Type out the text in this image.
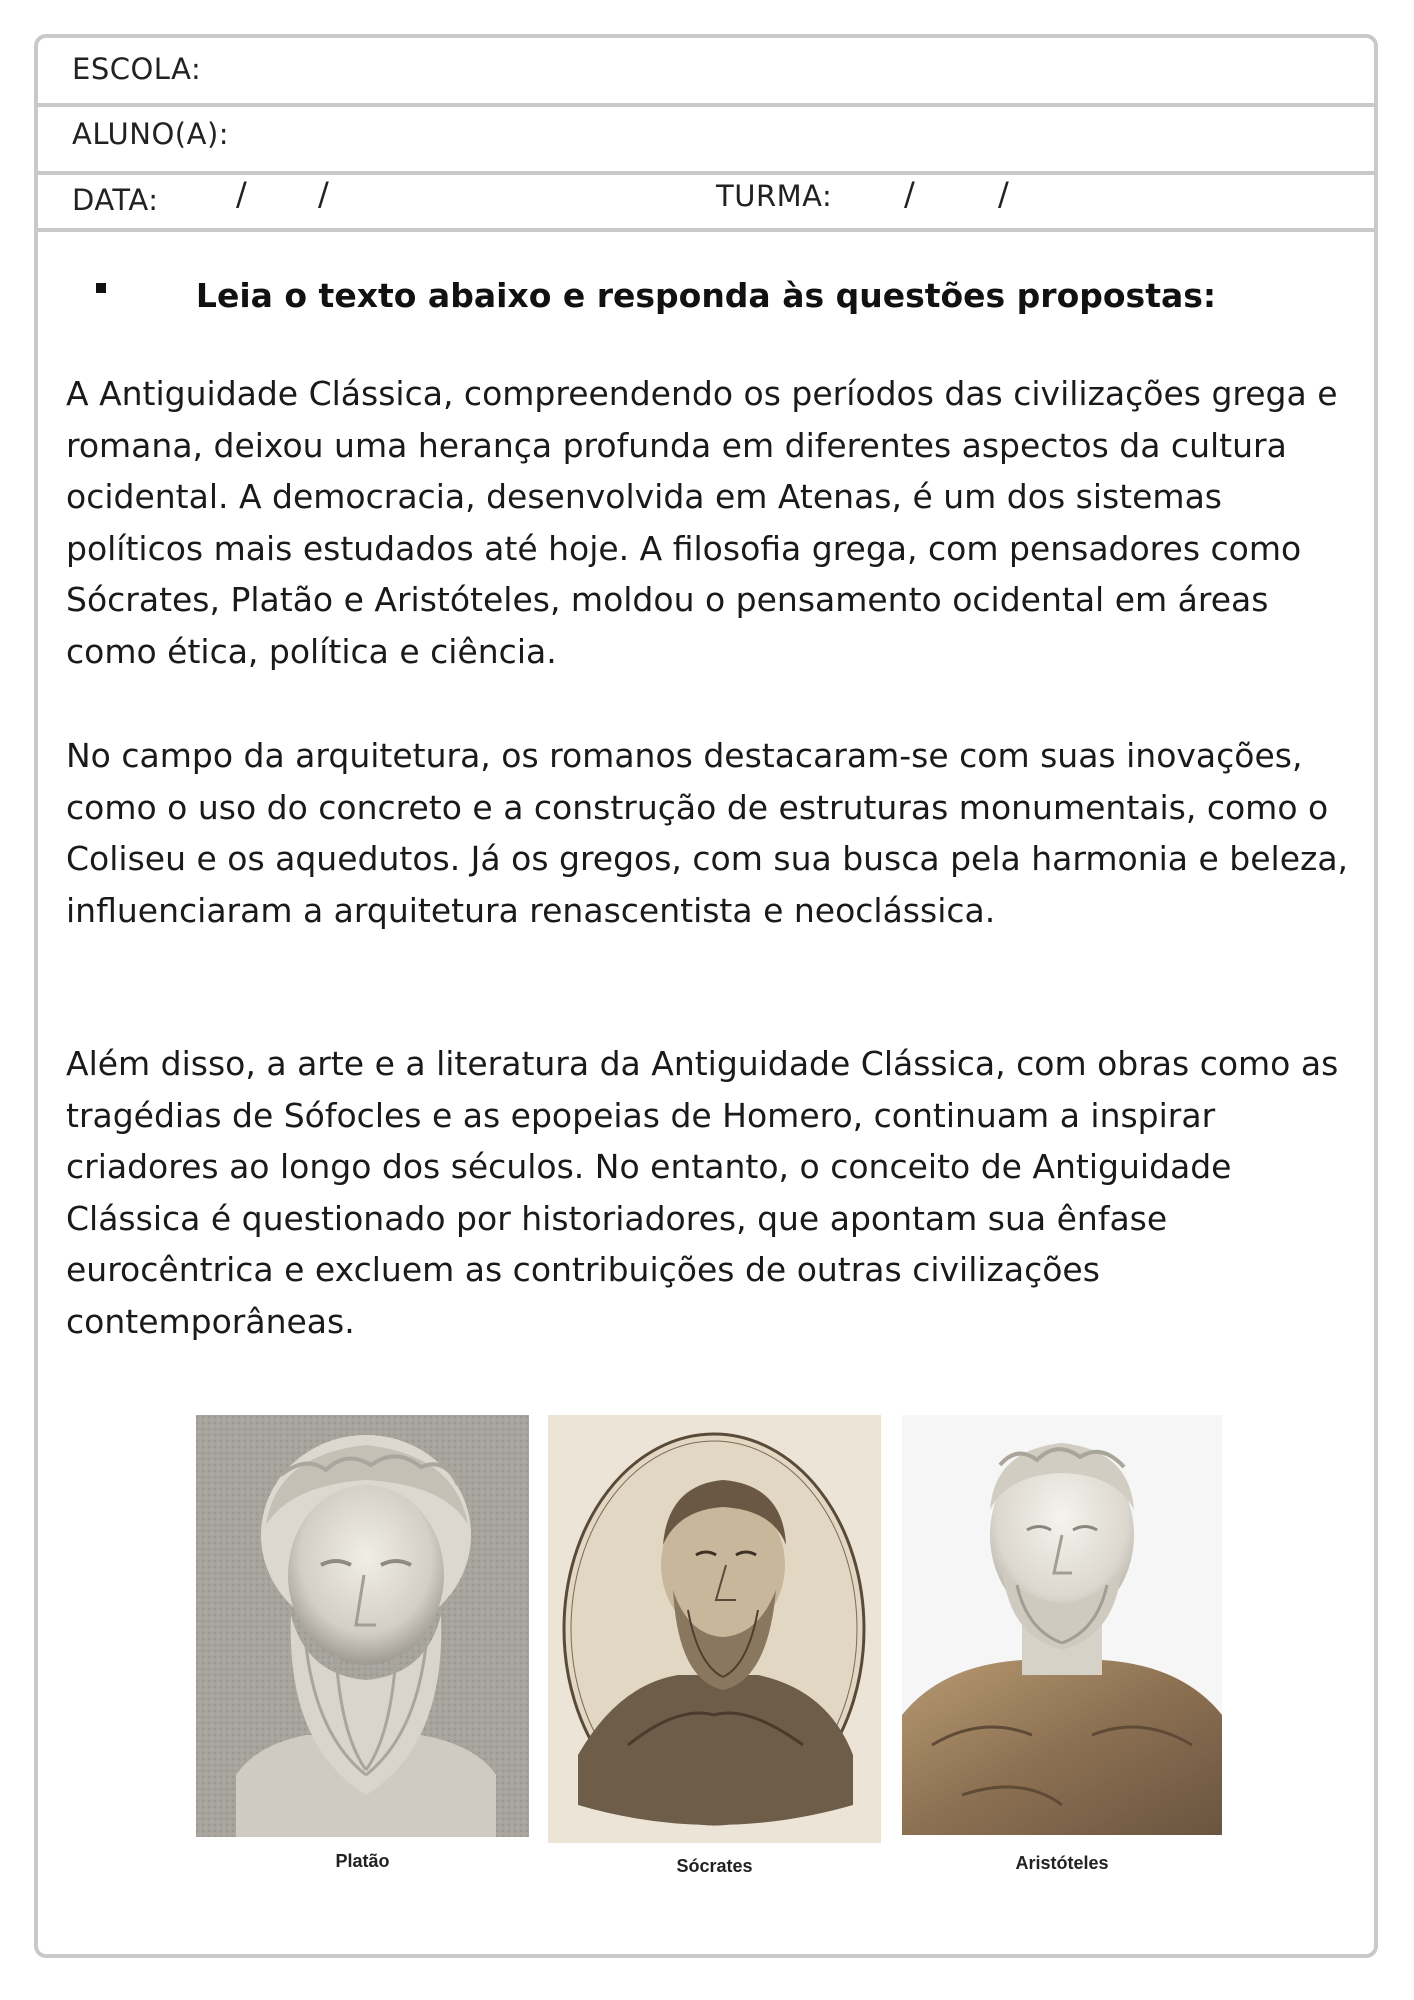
ESCOLA:
ALUNO(A):
DATA: / /	TURMA: /	/
Leia o texto abaixo e responda às questões propostas:

A Antiguidade Clássica, compreendendo os períodos das civilizações grega e romana, deixou uma herança profunda em diferentes aspectos da cultura ocidental. A democracia, desenvolvida em Atenas, é um dos sistemas políticos mais estudados até hoje. A filosofia grega, com pensadores como Sócrates, Platão e Aristóteles, moldou o pensamento ocidental em áreas como ética, política e ciência.

No campo da arquitetura, os romanos destacaram-se com suas inovações, como o uso do concreto e a construção de estruturas monumentais, como o Coliseu e os aquedutos. Já os gregos, com sua busca pela harmonia e beleza, influenciaram a arquitetura renascentista e neoclássica.

Além disso, a arte e a literatura da Antiguidade Clássica, com obras como as tragédias de Sófocles e as epopeias de Homero, continuam a inspirar criadores ao longo dos séculos. No entanto, o conceito de Antiguidade Clássica é questionado por historiadores, que apontam sua ênfase eurocêntrica e excluem as contribuições de outras civilizações contemporâneas.

Platão	Sócrates	Aristóteles
